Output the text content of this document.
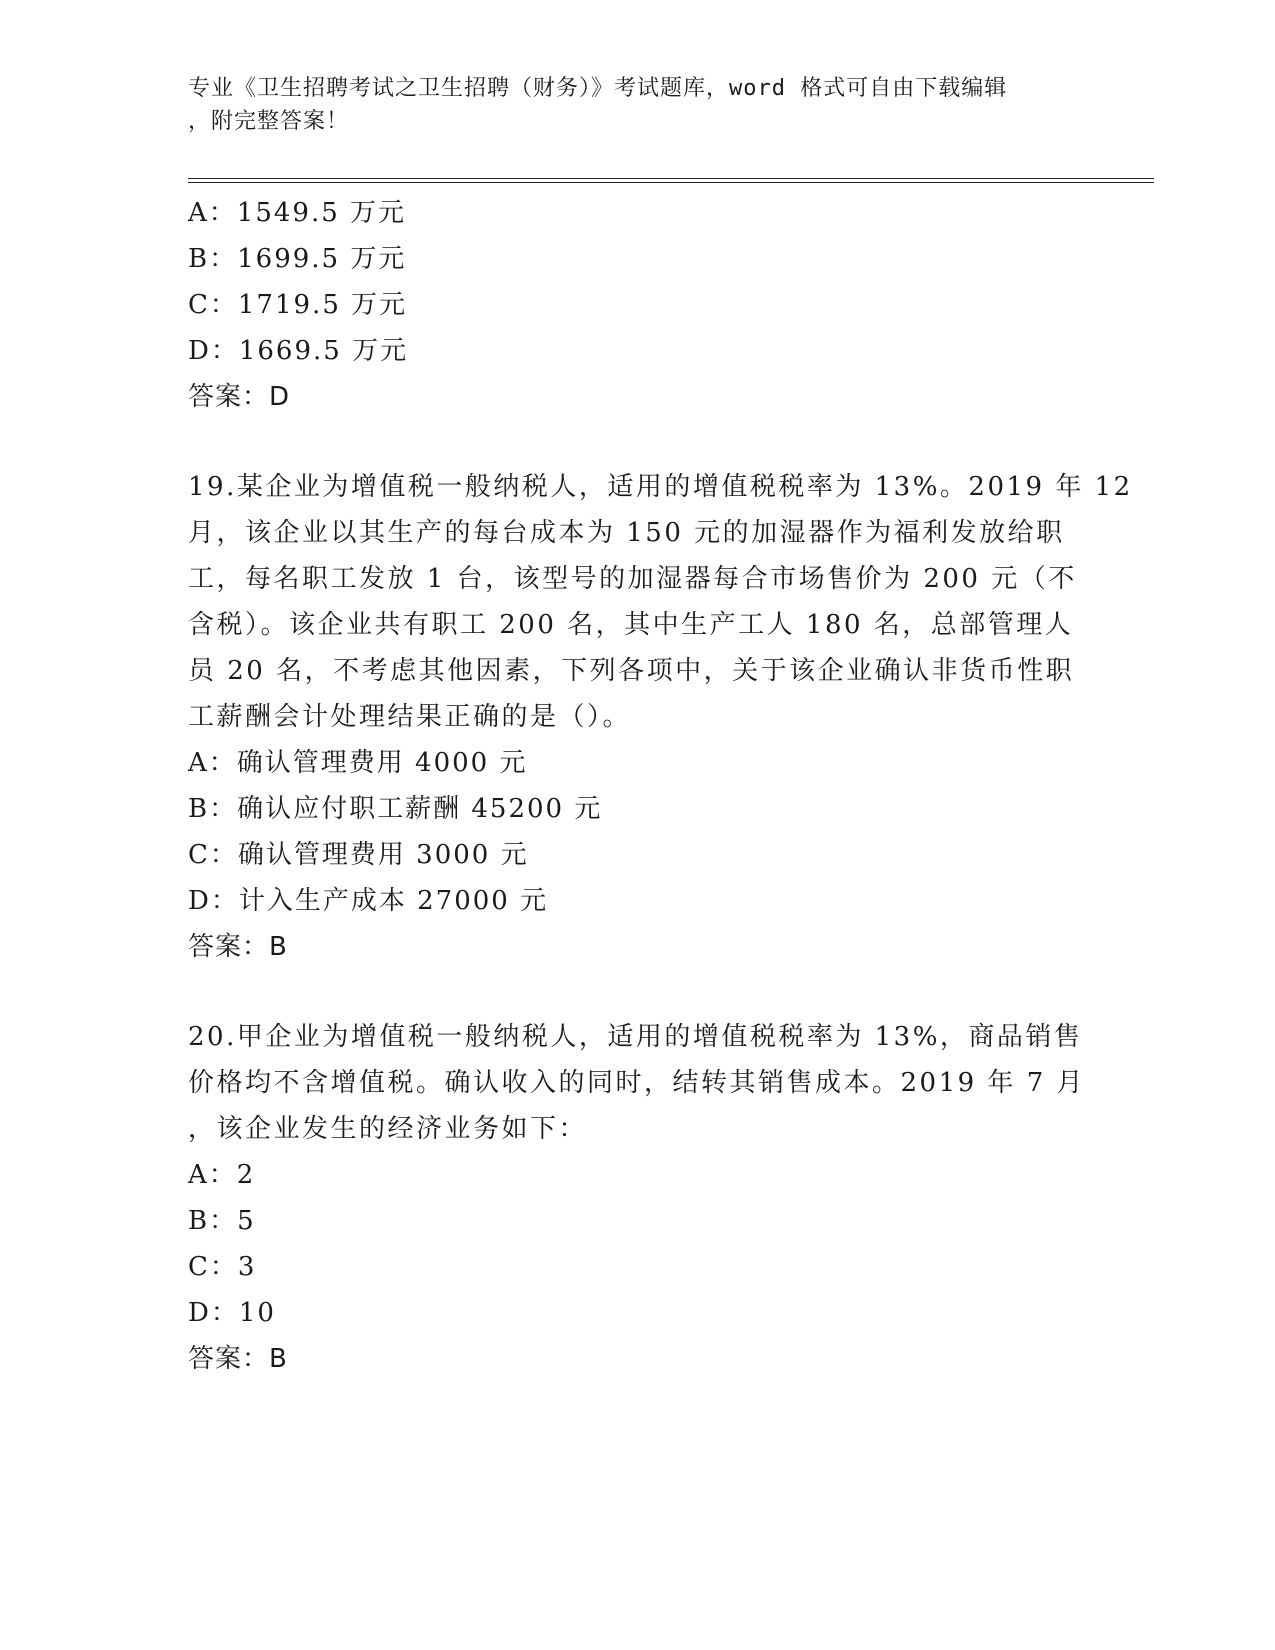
专业《卫生招聘考试之卫生招聘（财务）》考试题库，word 格式可自由下载编辑
，附完整答案！
A：1549.5 万元
B：1699.5 万元
C：1719.5 万元
D：1669.5 万元
答案：D
19.某企业为增值税一般纳税人，适用的增值税税率为 13%。2019 年 12
月，该企业以其生产的每台成本为 150 元的加湿器作为福利发放给职
工，每名职工发放 1 台，该型号的加湿器每合市场售价为 200 元（不
含税）。该企业共有职工 200 名，其中生产工人 180 名，总部管理人
员 20 名，不考虑其他因素，下列各项中，关于该企业确认非货币性职
工薪酬会计处理结果正确的是（）。
A：确认管理费用 4000 元
B：确认应付职工薪酬 45200 元
C：确认管理费用 3000 元
D：计入生产成本 27000 元
答案：B
20.甲企业为增值税一般纳税人，适用的增值税税率为 13%，商品销售
价格均不含增值税。确认收入的同时，结转其销售成本。2019 年 7 月
，该企业发生的经济业务如下：
A：2
B：5
C：3
D：10
答案：B
